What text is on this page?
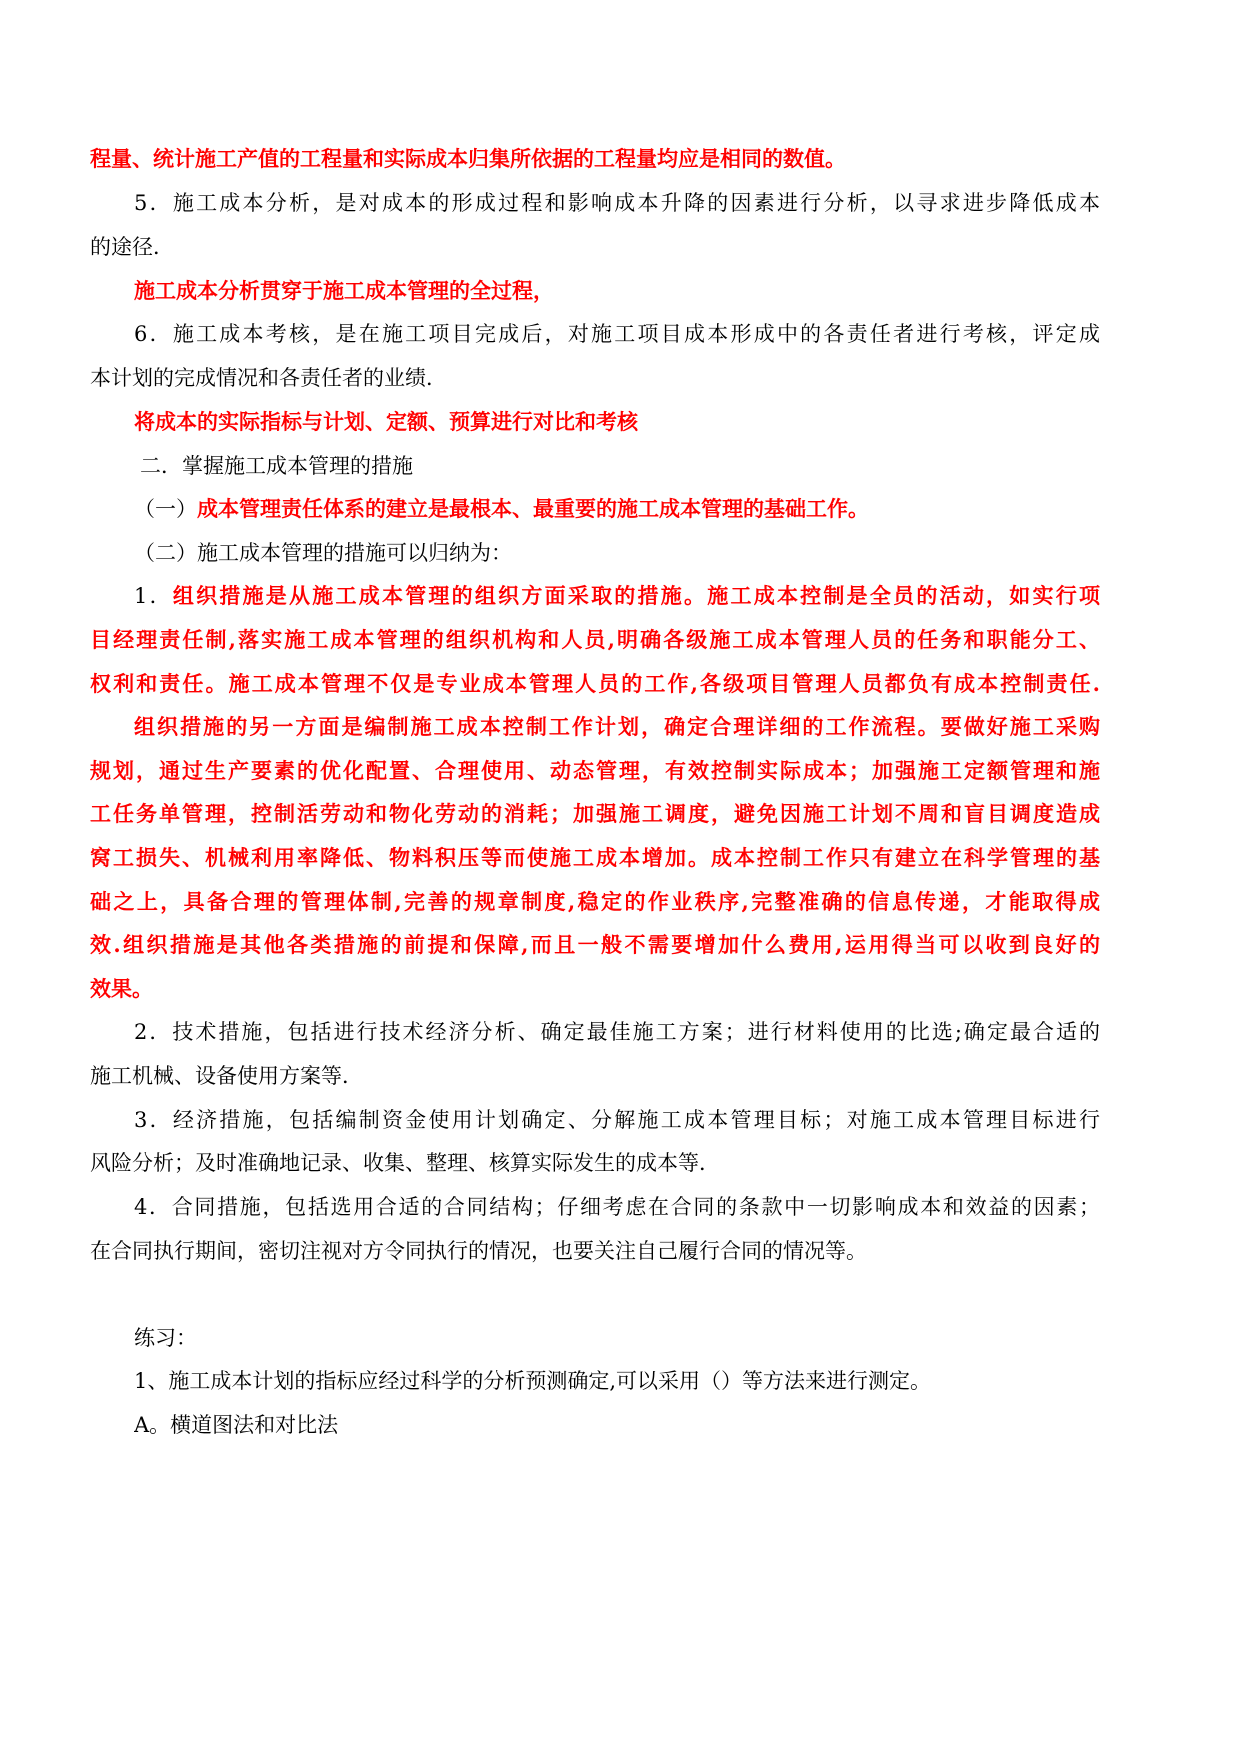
程量、统计施工产值的工程量和实际成本归集所依据的工程量均应是相同的数值。
5．施工成本分析，是对成本的形成过程和影响成本升降的因素进行分析，以寻求进步降低成本
的途径．
施工成本分析贯穿于施工成本管理的全过程，
6．施工成本考核，是在施工项目完成后，对施工项目成本形成中的各责任者进行考核，评定成
本计划的完成情况和各责任者的业绩．
将成本的实际指标与计划、定额、预算进行对比和考核
二．掌握施工成本管理的措施
（一）成本管理责任体系的建立是最根本、最重要的施工成本管理的基础工作。
（二）施工成本管理的措施可以归纳为：
1．组织措施是从施工成本管理的组织方面采取的措施。施工成本控制是全员的活动，如实行项
目经理责任制,落实施工成本管理的组织机构和人员,明确各级施工成本管理人员的任务和职能分工、
权利和责任。施工成本管理不仅是专业成本管理人员的工作,各级项目管理人员都负有成本控制责任.
组织措施的另一方面是编制施工成本控制工作计划，确定合理详细的工作流程。要做好施工采购
规划，通过生产要素的优化配置、合理使用、动态管理，有效控制实际成本；加强施工定额管理和施
工任务单管理，控制活劳动和物化劳动的消耗；加强施工调度，避免因施工计划不周和盲目调度造成
窝工损失、机械利用率降低、物料积压等而使施工成本增加。成本控制工作只有建立在科学管理的基
础之上，具备合理的管理体制,完善的规章制度,稳定的作业秩序,完整准确的信息传递，才能取得成
效.组织措施是其他各类措施的前提和保障,而且一般不需要增加什么费用,运用得当可以收到良好的
效果。
2．技术措施，包括进行技术经济分析、确定最佳施工方案；进行材料使用的比选;确定最合适的
施工机械、设备使用方案等．
3．经济措施，包括编制资金使用计划确定、分解施工成本管理目标；对施工成本管理目标进行
风险分析；及时准确地记录、收集、整理、核算实际发生的成本等．
4．合同措施，包括选用合适的合同结构；仔细考虑在合同的条款中一切影响成本和效益的因素；
在合同执行期间，密切注视对方令同执行的情况，也要关注自己履行合同的情况等。
练习：
1、施工成本计划的指标应经过科学的分析预测确定,可以采用（）等方法来进行测定。
A。横道图法和对比法
